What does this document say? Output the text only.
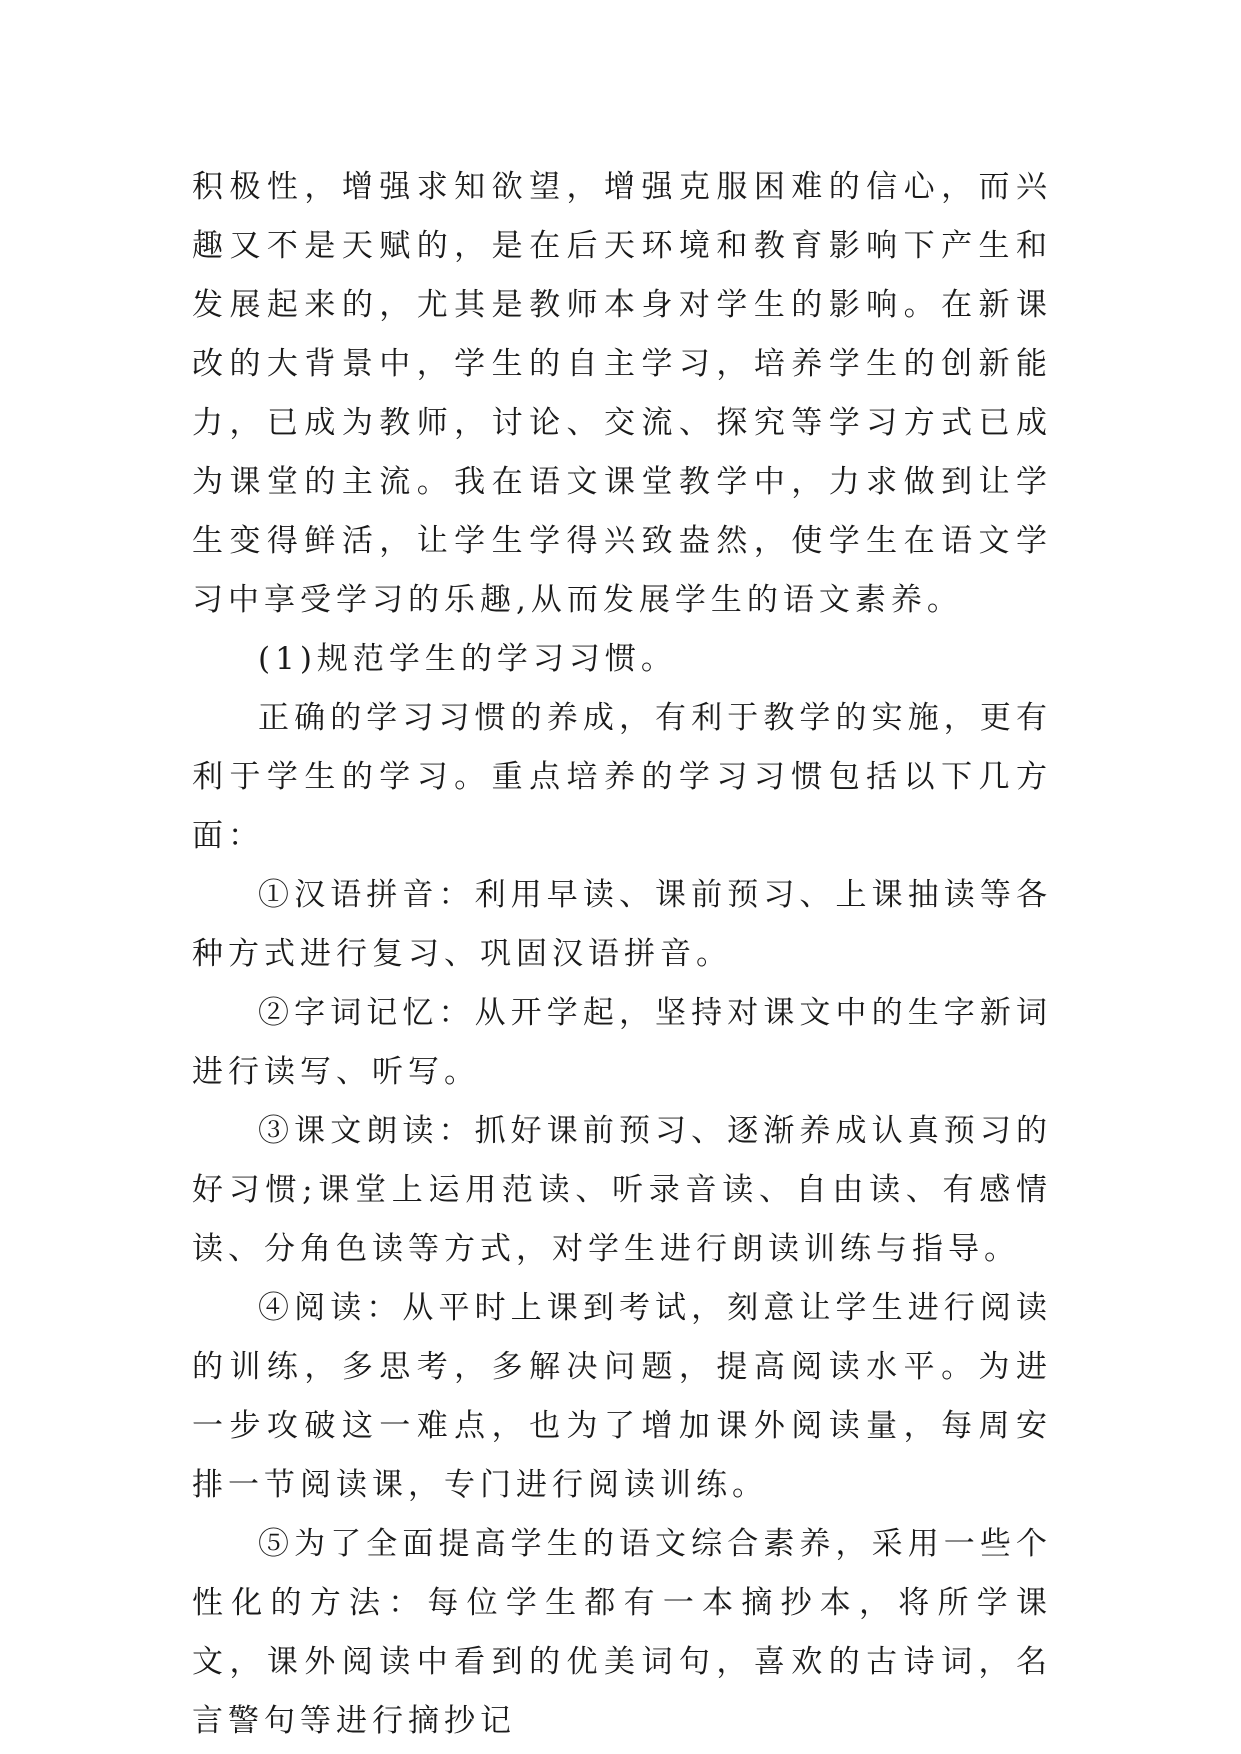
积极性，增强求知欲望，增强克服困难的信心，而兴趣又不是天赋的，是在后天环境和教育影响下产生和发展起来的，尤其是教师本身对学生的影响。在新课改的大背景中，学生的自主学习，培养学生的创新能力，已成为教师，讨论、交流、探究等学习方式已成为课堂的主流。我在语文课堂教学中，力求做到让学生变得鲜活，让学生学得兴致盎然，使学生在语文学习中享受学习的乐趣,从而发展学生的语文素养。

(1)规范学生的学习习惯。

正确的学习习惯的养成，有利于教学的实施，更有利于学生的学习。重点培养的学习习惯包括以下几方面：

①汉语拼音：利用早读、课前预习、上课抽读等各种方式进行复习、巩固汉语拼音。

②字词记忆：从开学起，坚持对课文中的生字新词进行读写、听写。

③课文朗读：抓好课前预习、逐渐养成认真预习的好习惯;课堂上运用范读、听录音读、自由读、有感情读、分角色读等方式，对学生进行朗读训练与指导。

④阅读：从平时上课到考试，刻意让学生进行阅读的训练，多思考，多解决问题，提高阅读水平。为进一步攻破这一难点，也为了增加课外阅读量，每周安排一节阅读课，专门进行阅读训练。

⑤为了全面提高学生的语文综合素养，采用一些个性化的方法：每位学生都有一本摘抄本，将所学课文，课外阅读中看到的优美词句，喜欢的古诗词，名言警句等进行摘抄记
